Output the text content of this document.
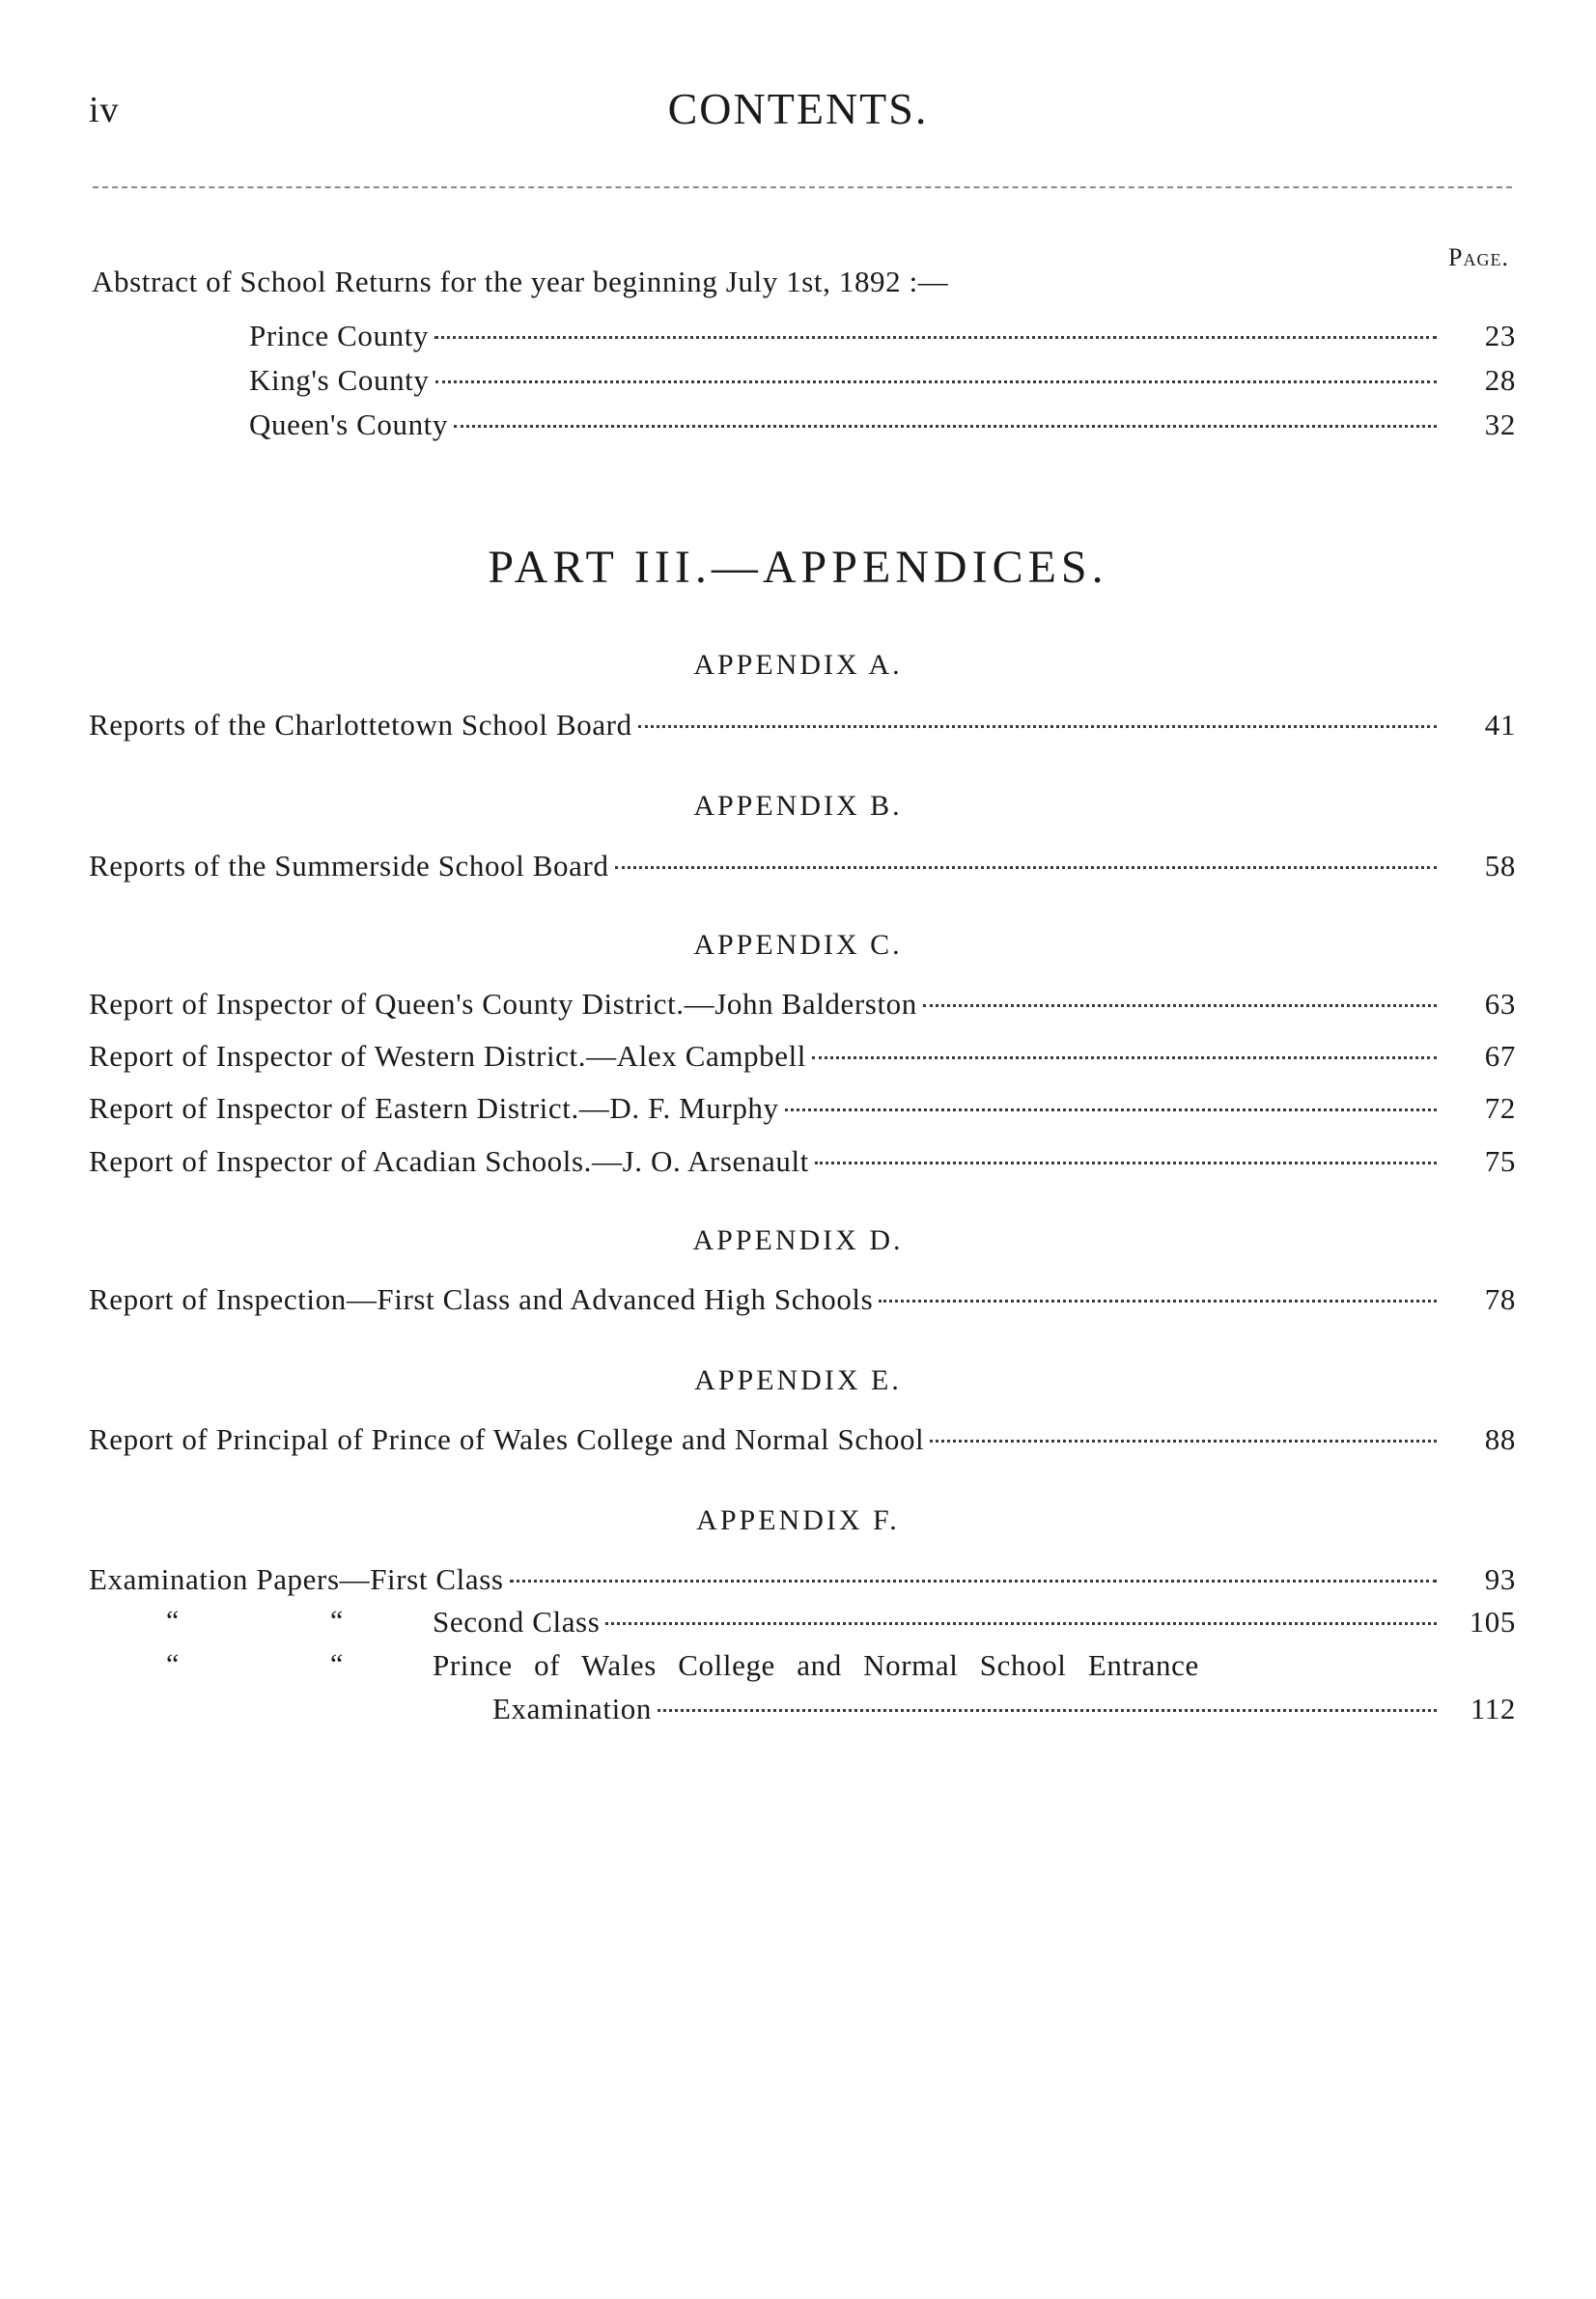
iv	CONTENTS.
Page.
Abstract of School Returns for the year beginning July 1st, 1892 :—
Prince County	23
King's County	28
Queen's County	32
PART III.—APPENDICES.
APPENDIX A.
Reports of the Charlottetown School Board	41
APPENDIX B.
Reports of the Summerside School Board	58
APPENDIX C.
Report of Inspector of Queen's County District.—John Balderston	63
Report of Inspector of Western District.—Alex Campbell	67
Report of Inspector of Eastern District.—D. F. Murphy	72
Report of Inspector of Acadian Schools.—J. O. Arsenault	75
APPENDIX D.
Report of Inspection—First Class and Advanced High Schools	78
APPENDIX E.
Report of Principal of Prince of Wales College and Normal School	88
APPENDIX F.
Examination Papers—First Class	93
“	“	Second Class	105
“	“	Prince of Wales College and Normal School Entrance
Examination	112
